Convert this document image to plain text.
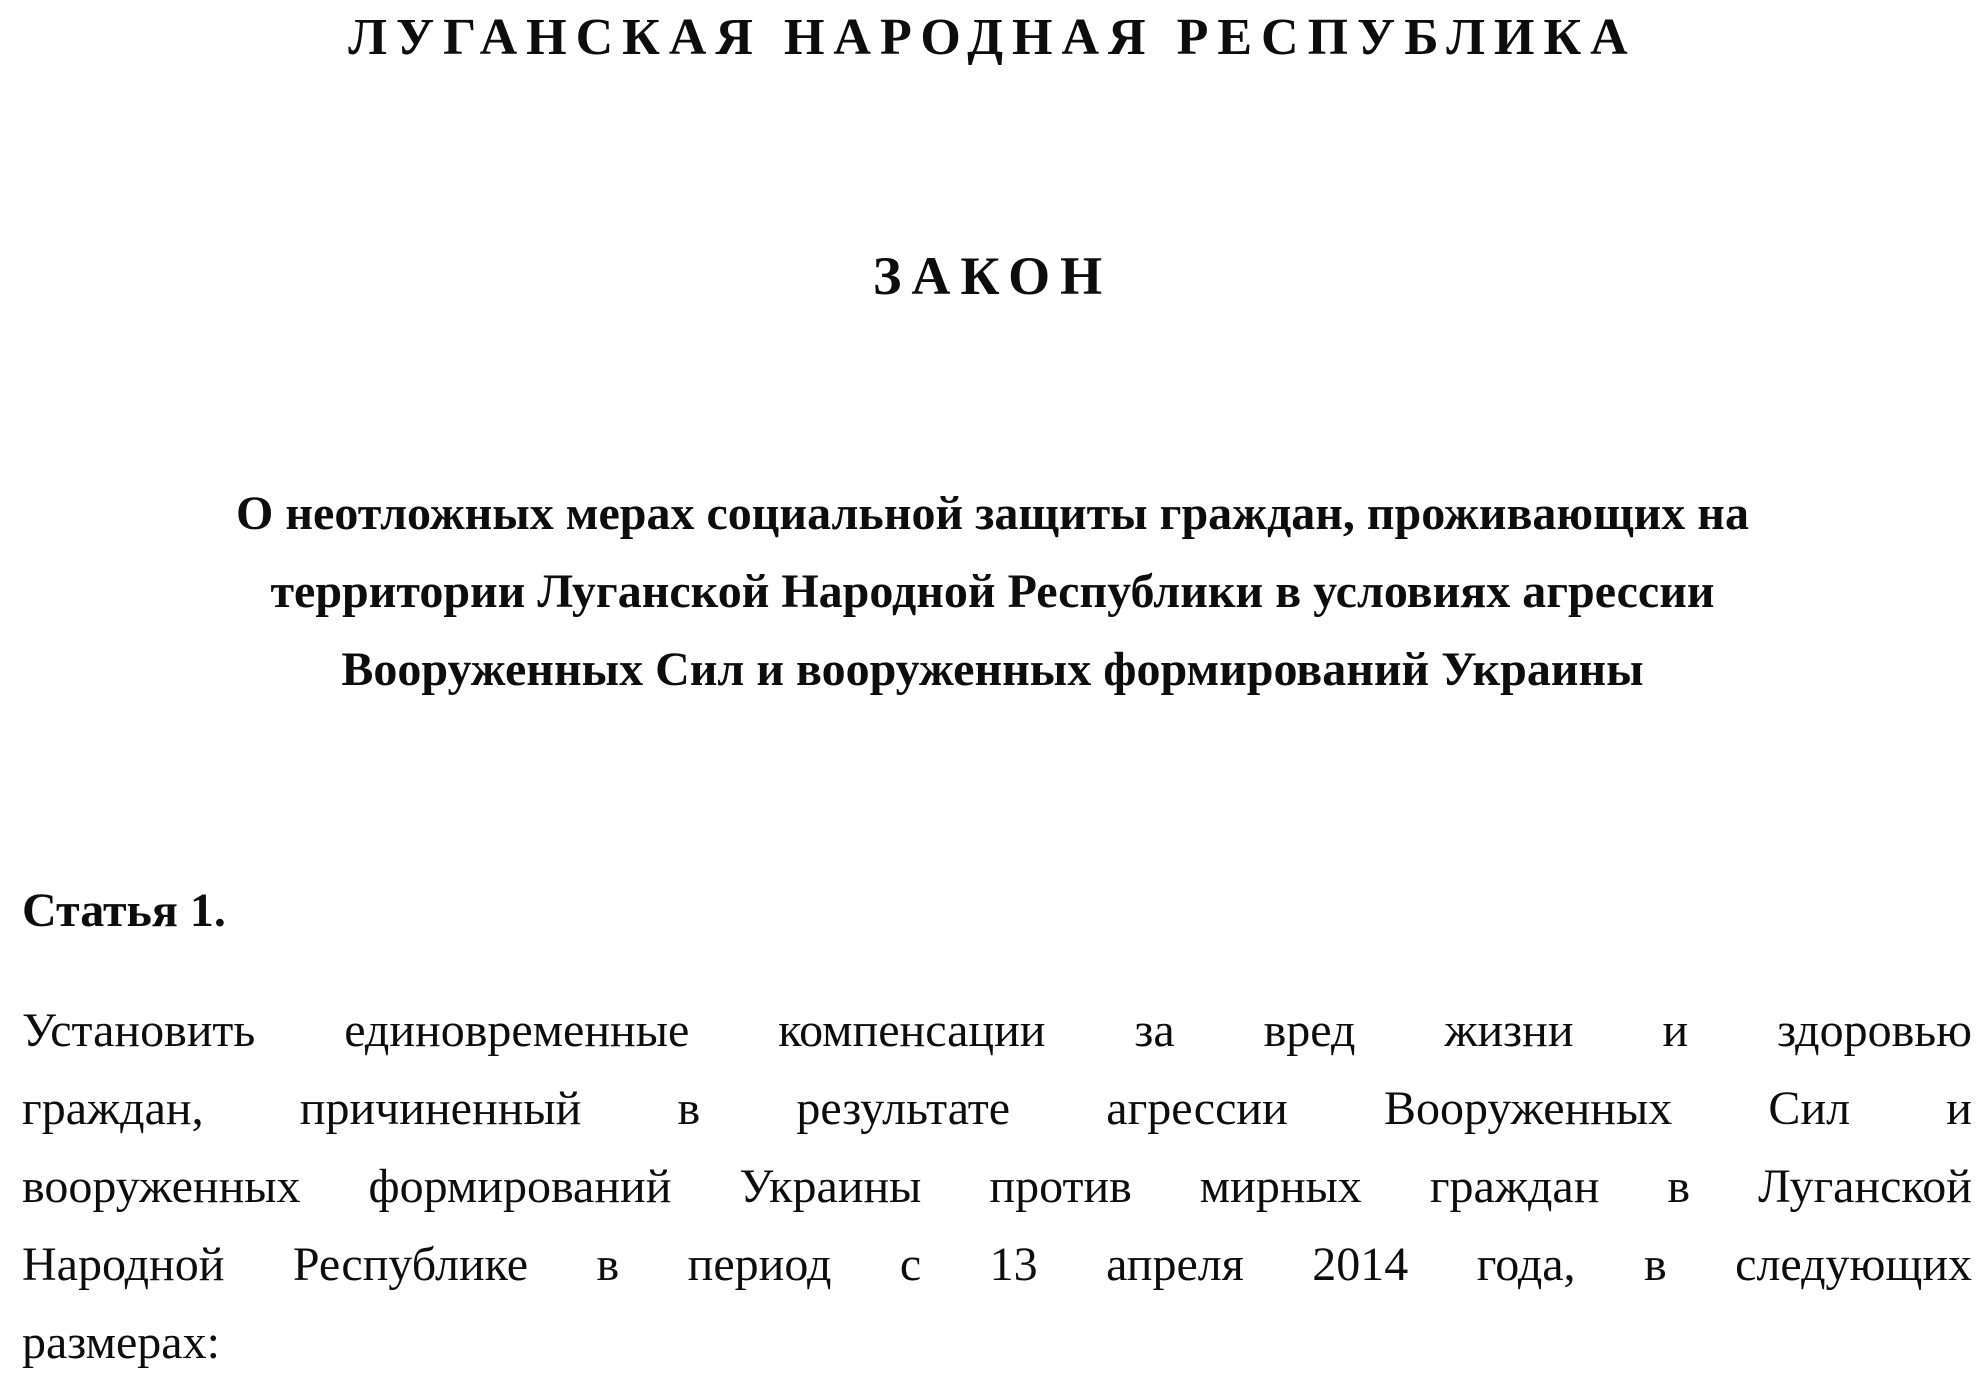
ЛУГАНСКАЯ НАРОДНАЯ РЕСПУБЛИКА
ЗАКОН
О неотложных мерах социальной защиты граждан, проживающих на
территории Луганской Народной Республики в условиях агрессии
Вооруженных Сил и вооруженных формирований Украины
Статья 1.
Установить единовременные компенсации за вред жизни и здоровью
граждан, причиненный в результате агрессии Вооруженных Сил и
вооруженных формирований Украины против мирных граждан в Луганской
Народной Республике в период с 13 апреля 2014 года, в следующих
размерах:
